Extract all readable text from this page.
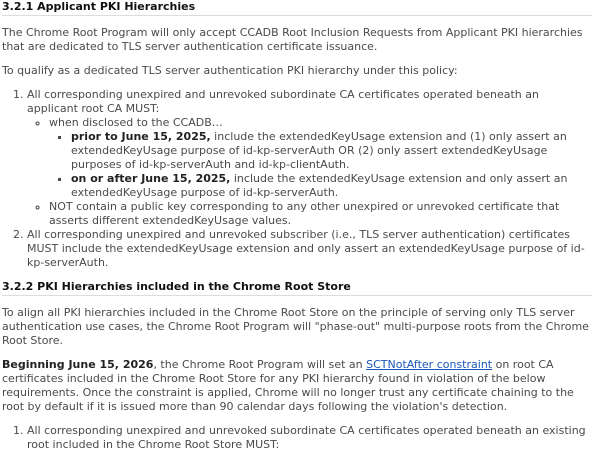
3.2.1 Applicant PKI Hierarchies

The Chrome Root Program will only accept CCADB Root Inclusion Requests from Applicant PKI hierarchies that are dedicated to TLS server authentication certificate issuance.

To qualify as a dedicated TLS server authentication PKI hierarchy under this policy:

1. All corresponding unexpired and unrevoked subordinate CA certificates operated beneath an applicant root CA MUST:
◦ when disclosed to the CCADB…
▪ prior to June 15, 2025, include the extendedKeyUsage extension and (1) only assert an extendedKeyUsage purpose of id-kp-serverAuth OR (2) only assert extendedKeyUsage purposes of id-kp-serverAuth and id-kp-clientAuth.
▪ on or after June 15, 2025, include the extendedKeyUsage extension and only assert an extendedKeyUsage purpose of id-kp-serverAuth.
◦ NOT contain a public key corresponding to any other unexpired or unrevoked certificate that asserts different extendedKeyUsage values.
2. All corresponding unexpired and unrevoked subscriber (i.e., TLS server authentication) certificates MUST include the extendedKeyUsage extension and only assert an extendedKeyUsage purpose of id-kp-serverAuth.
3.2.2 PKI Hierarchies included in the Chrome Root Store

To align all PKI hierarchies included in the Chrome Root Store on the principle of serving only TLS server authentication use cases, the Chrome Root Program will "phase-out" multi-purpose roots from the Chrome Root Store.

Beginning June 15, 2026, the Chrome Root Program will set an SCTNotAfter constraint on root CA certificates included in the Chrome Root Store for any PKI hierarchy found in violation of the below requirements. Once the constraint is applied, Chrome will no longer trust any certificate chaining to the root by default if it is issued more than 90 calendar days following the violation's detection.

1. All corresponding unexpired and unrevoked subordinate CA certificates operated beneath an existing root included in the Chrome Root Store MUST:
